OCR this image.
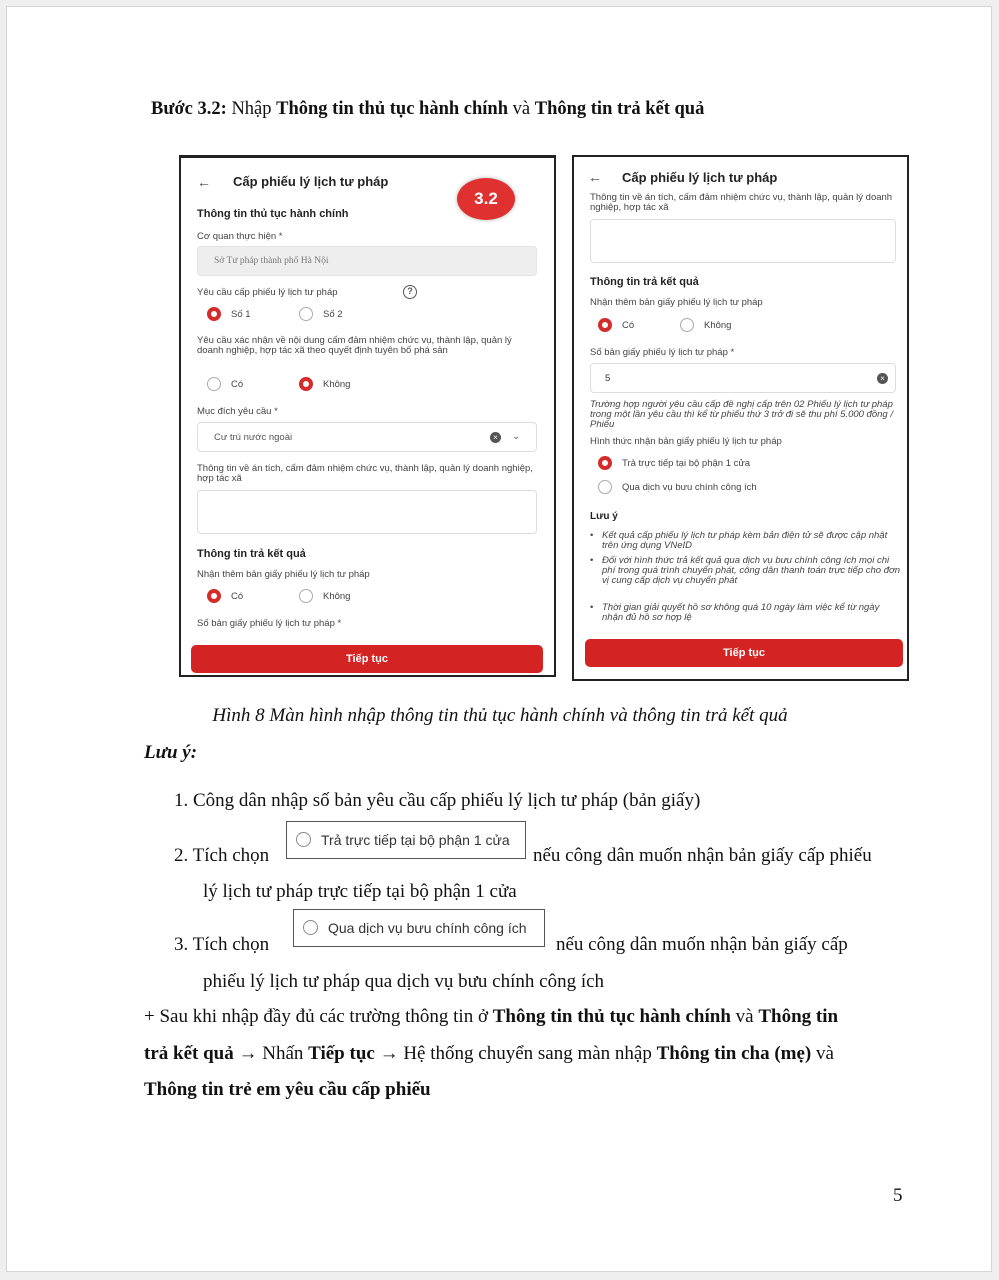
Bước 3.2: Nhập Thông tin thủ tục hành chính và Thông tin trả kết quả
← Cấp phiếu lý lịch tư pháp
3.2
Thông tin thủ tục hành chính
Cơ quan thực hiện *
Sở Tư pháp thành phố Hà Nội
Yêu cầu cấp phiếu lý lịch tư pháp	?
Số 1	Số 2
Yêu cầu xác nhận về nội dung cấm đảm nhiệm chức vụ, thành lập, quản lý doanh nghiệp, hợp tác xã theo quyết định tuyên bố phá sản
Có	Không
Mục đích yêu cầu *
Cư trú nước ngoài	×	⌄
Thông tin về án tích, cấm đảm nhiệm chức vụ, thành lập, quản lý doanh nghiệp, hợp tác xã
Thông tin trả kết quả
Nhận thêm bản giấy phiếu lý lịch tư pháp
Có	Không
Số bản giấy phiếu lý lịch tư pháp *
Tiếp tục
← Cấp phiếu lý lịch tư pháp
Thông tin về án tích, cấm đảm nhiệm chức vụ, thành lập, quản lý doanh nghiệp, hợp tác xã
Thông tin trả kết quả
Nhận thêm bản giấy phiếu lý lịch tư pháp
Có	Không
Số bản giấy phiếu lý lịch tư pháp *
5	×
Trường hợp người yêu cầu cấp đề nghị cấp trên 02 Phiếu lý lịch tư pháp trong một lần yêu cầu thì kể từ phiếu thứ 3 trở đi sẽ thu phí 5.000 đồng / Phiếu
Hình thức nhận bản giấy phiếu lý lịch tư pháp
Trả trực tiếp tại bộ phận 1 cửa
Qua dịch vụ bưu chính công ích
Lưu ý
• Kết quả cấp phiếu lý lịch tư pháp kèm bản điện tử sẽ được cập nhật trên ứng dụng VNeID
• Đối với hình thức trả kết quả qua dịch vụ bưu chính công ích mọi chi phí trong quá trình chuyển phát, công dân thanh toán trực tiếp cho đơn vị cung cấp dịch vụ chuyển phát
• Thời gian giải quyết hồ sơ không quá 10 ngày làm việc kể từ ngày nhận đủ hồ sơ hợp lệ
Tiếp tục
Hình 8 Màn hình nhập thông tin thủ tục hành chính và thông tin trả kết quả
Lưu ý:
1. Công dân nhập số bản yêu cầu cấp phiếu lý lịch tư pháp (bản giấy)
2. Tích chọn
Trả trực tiếp tại bộ phận 1 cửa
nếu công dân muốn nhận bản giấy cấp phiếu
lý lịch tư pháp trực tiếp tại bộ phận 1 cửa
3. Tích chọn
Qua dịch vụ bưu chính công ích
nếu công dân muốn nhận bản giấy cấp
phiếu lý lịch tư pháp qua dịch vụ bưu chính công ích
+ Sau khi nhập đầy đủ các trường thông tin ở Thông tin thủ tục hành chính và Thông tin
trả kết quả → Nhấn Tiếp tục → Hệ thống chuyển sang màn nhập Thông tin cha (mẹ) và
Thông tin trẻ em yêu cầu cấp phiếu
5
